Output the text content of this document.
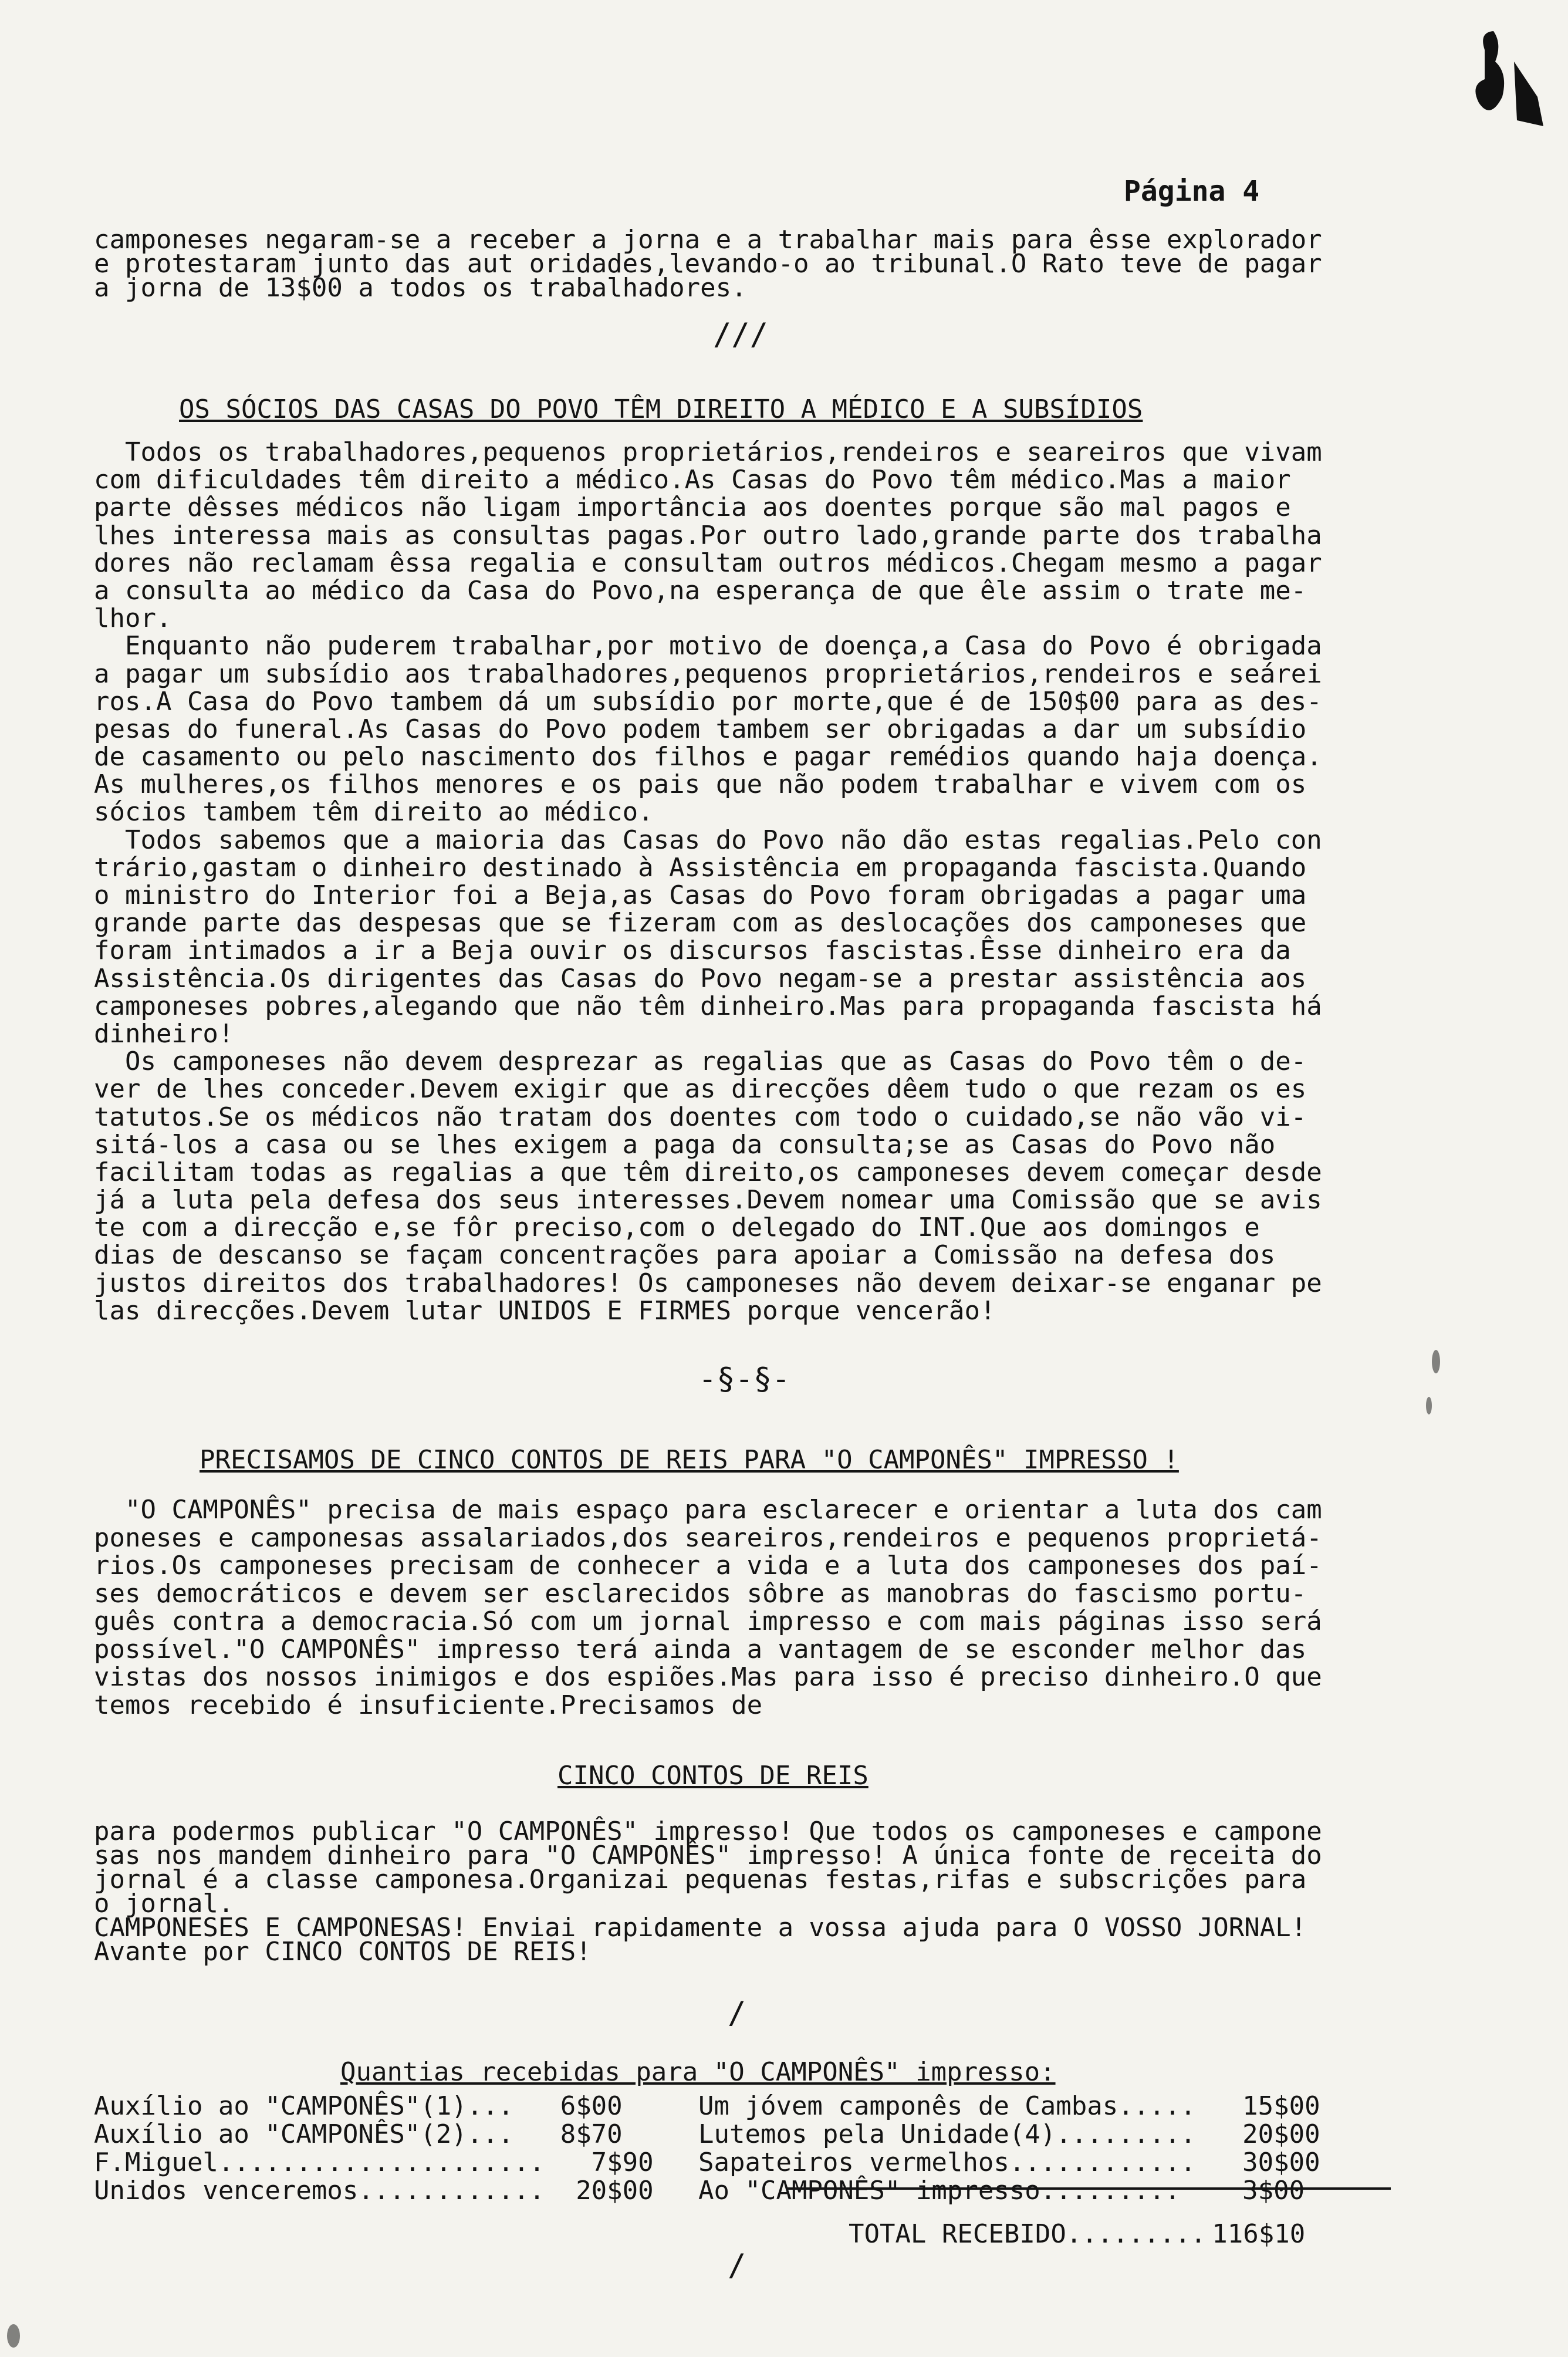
Página 4
camponeses negaram-se a receber a jorna e a trabalhar mais para êsse explorador
e protestaram junto das aut oridades,levando-o ao tribunal.O Rato teve de pagar
a jorna de 13$00 a todos os trabalhadores.
///
OS SÓCIOS DAS CASAS DO POVO TÊM DIREITO A MÉDICO E A SUBSÍDIOS
Todos os trabalhadores,pequenos proprietários,rendeiros e seareiros que vivam
com dificuldades têm direito a médico.As Casas do Povo têm médico.Mas a maior
parte dêsses médicos não ligam importância aos doentes porque são mal pagos e
lhes interessa mais as consultas pagas.Por outro lado,grande parte dos trabalha
dores não reclamam êssa regalia e consultam outros médicos.Chegam mesmo a pagar
a consulta ao médico da Casa do Povo,na esperança de que êle assim o trate me-
lhor.
Enquanto não puderem trabalhar,por motivo de doença,a Casa do Povo é obrigada
a pagar um subsídio aos trabalhadores,pequenos proprietários,rendeiros e seárei
ros.A Casa do Povo tambem dá um subsídio por morte,que é de 150$00 para as des-
pesas do funeral.As Casas do Povo podem tambem ser obrigadas a dar um subsídio
de casamento ou pelo nascimento dos filhos e pagar remédios quando haja doença.
As mulheres,os filhos menores e os pais que não podem trabalhar e vivem com os
sócios tambem têm direito ao médico.
Todos sabemos que a maioria das Casas do Povo não dão estas regalias.Pelo con
trário,gastam o dinheiro destinado à Assistência em propaganda fascista.Quando
o ministro do Interior foi a Beja,as Casas do Povo foram obrigadas a pagar uma
grande parte das despesas que se fizeram com as deslocações dos camponeses que
foram intimados a ir a Beja ouvir os discursos fascistas.Êsse dinheiro era da
Assistência.Os dirigentes das Casas do Povo negam-se a prestar assistência aos
camponeses pobres,alegando que não têm dinheiro.Mas para propaganda fascista há
dinheiro!
Os camponeses não devem desprezar as regalias que as Casas do Povo têm o de-
ver de lhes conceder.Devem exigir que as direcções dêem tudo o que rezam os es
tatutos.Se os médicos não tratam dos doentes com todo o cuidado,se não vão vi-
sitá-los a casa ou se lhes exigem a paga da consulta;se as Casas do Povo não
facilitam todas as regalias a que têm direito,os camponeses devem começar desde
já a luta pela defesa dos seus interesses.Devem nomear uma Comissão que se avis
te com a direcção e,se fôr preciso,com o delegado do INT.Que aos domingos e
dias de descanso se façam concentrações para apoiar a Comissão na defesa dos
justos direitos dos trabalhadores! Os camponeses não devem deixar-se enganar pe
las direcções.Devem lutar UNIDOS E FIRMES porque vencerão!
-§-§-
PRECISAMOS DE CINCO CONTOS DE REIS PARA "O CAMPONÊS" IMPRESSO !
"O CAMPONÊS" precisa de mais espaço para esclarecer e orientar a luta dos cam
poneses e camponesas assalariados,dos seareiros,rendeiros e pequenos proprietá-
rios.Os camponeses precisam de conhecer a vida e a luta dos camponeses dos paí-
ses democráticos e devem ser esclarecidos sôbre as manobras do fascismo portu-
guês contra a democracia.Só com um jornal impresso e com mais páginas isso será
possível."O CAMPONÊS" impresso terá ainda a vantagem de se esconder melhor das
vistas dos nossos inimigos e dos espiões.Mas para isso é preciso dinheiro.O que
temos recebido é insuficiente.Precisamos de
CINCO CONTOS DE REIS
para podermos publicar "O CAMPONÊS" impresso! Que todos os camponeses e campone
sas nos mandem dinheiro para "O CAMPONÊS" impresso! A única fonte de receita do
jornal é a classe camponesa.Organizai pequenas festas,rifas e subscrições para
o jornal.
CAMPONESES E CAMPONESAS! Enviai rapidamente a vossa ajuda para O VOSSO JORNAL!
Avante por CINCO CONTOS DE REIS!
/
Quantias recebidas para "O CAMPONÊS" impresso:
Auxílio ao "CAMPONÊS"(1)... 6$00
Auxílio ao "CAMPONÊS"(2)... 8$70
F.Miguel..................... 7$90
Unidos venceremos............ 20$00
Um jóvem camponês de Cambas..... 15$00
Lutemos pela Unidade(4)......... 20$00
Sapateiros vermelhos............ 30$00
Ao "CAMPONÊS" impresso......... 3$00

TOTAL RECEBIDO......... 116$10

/
